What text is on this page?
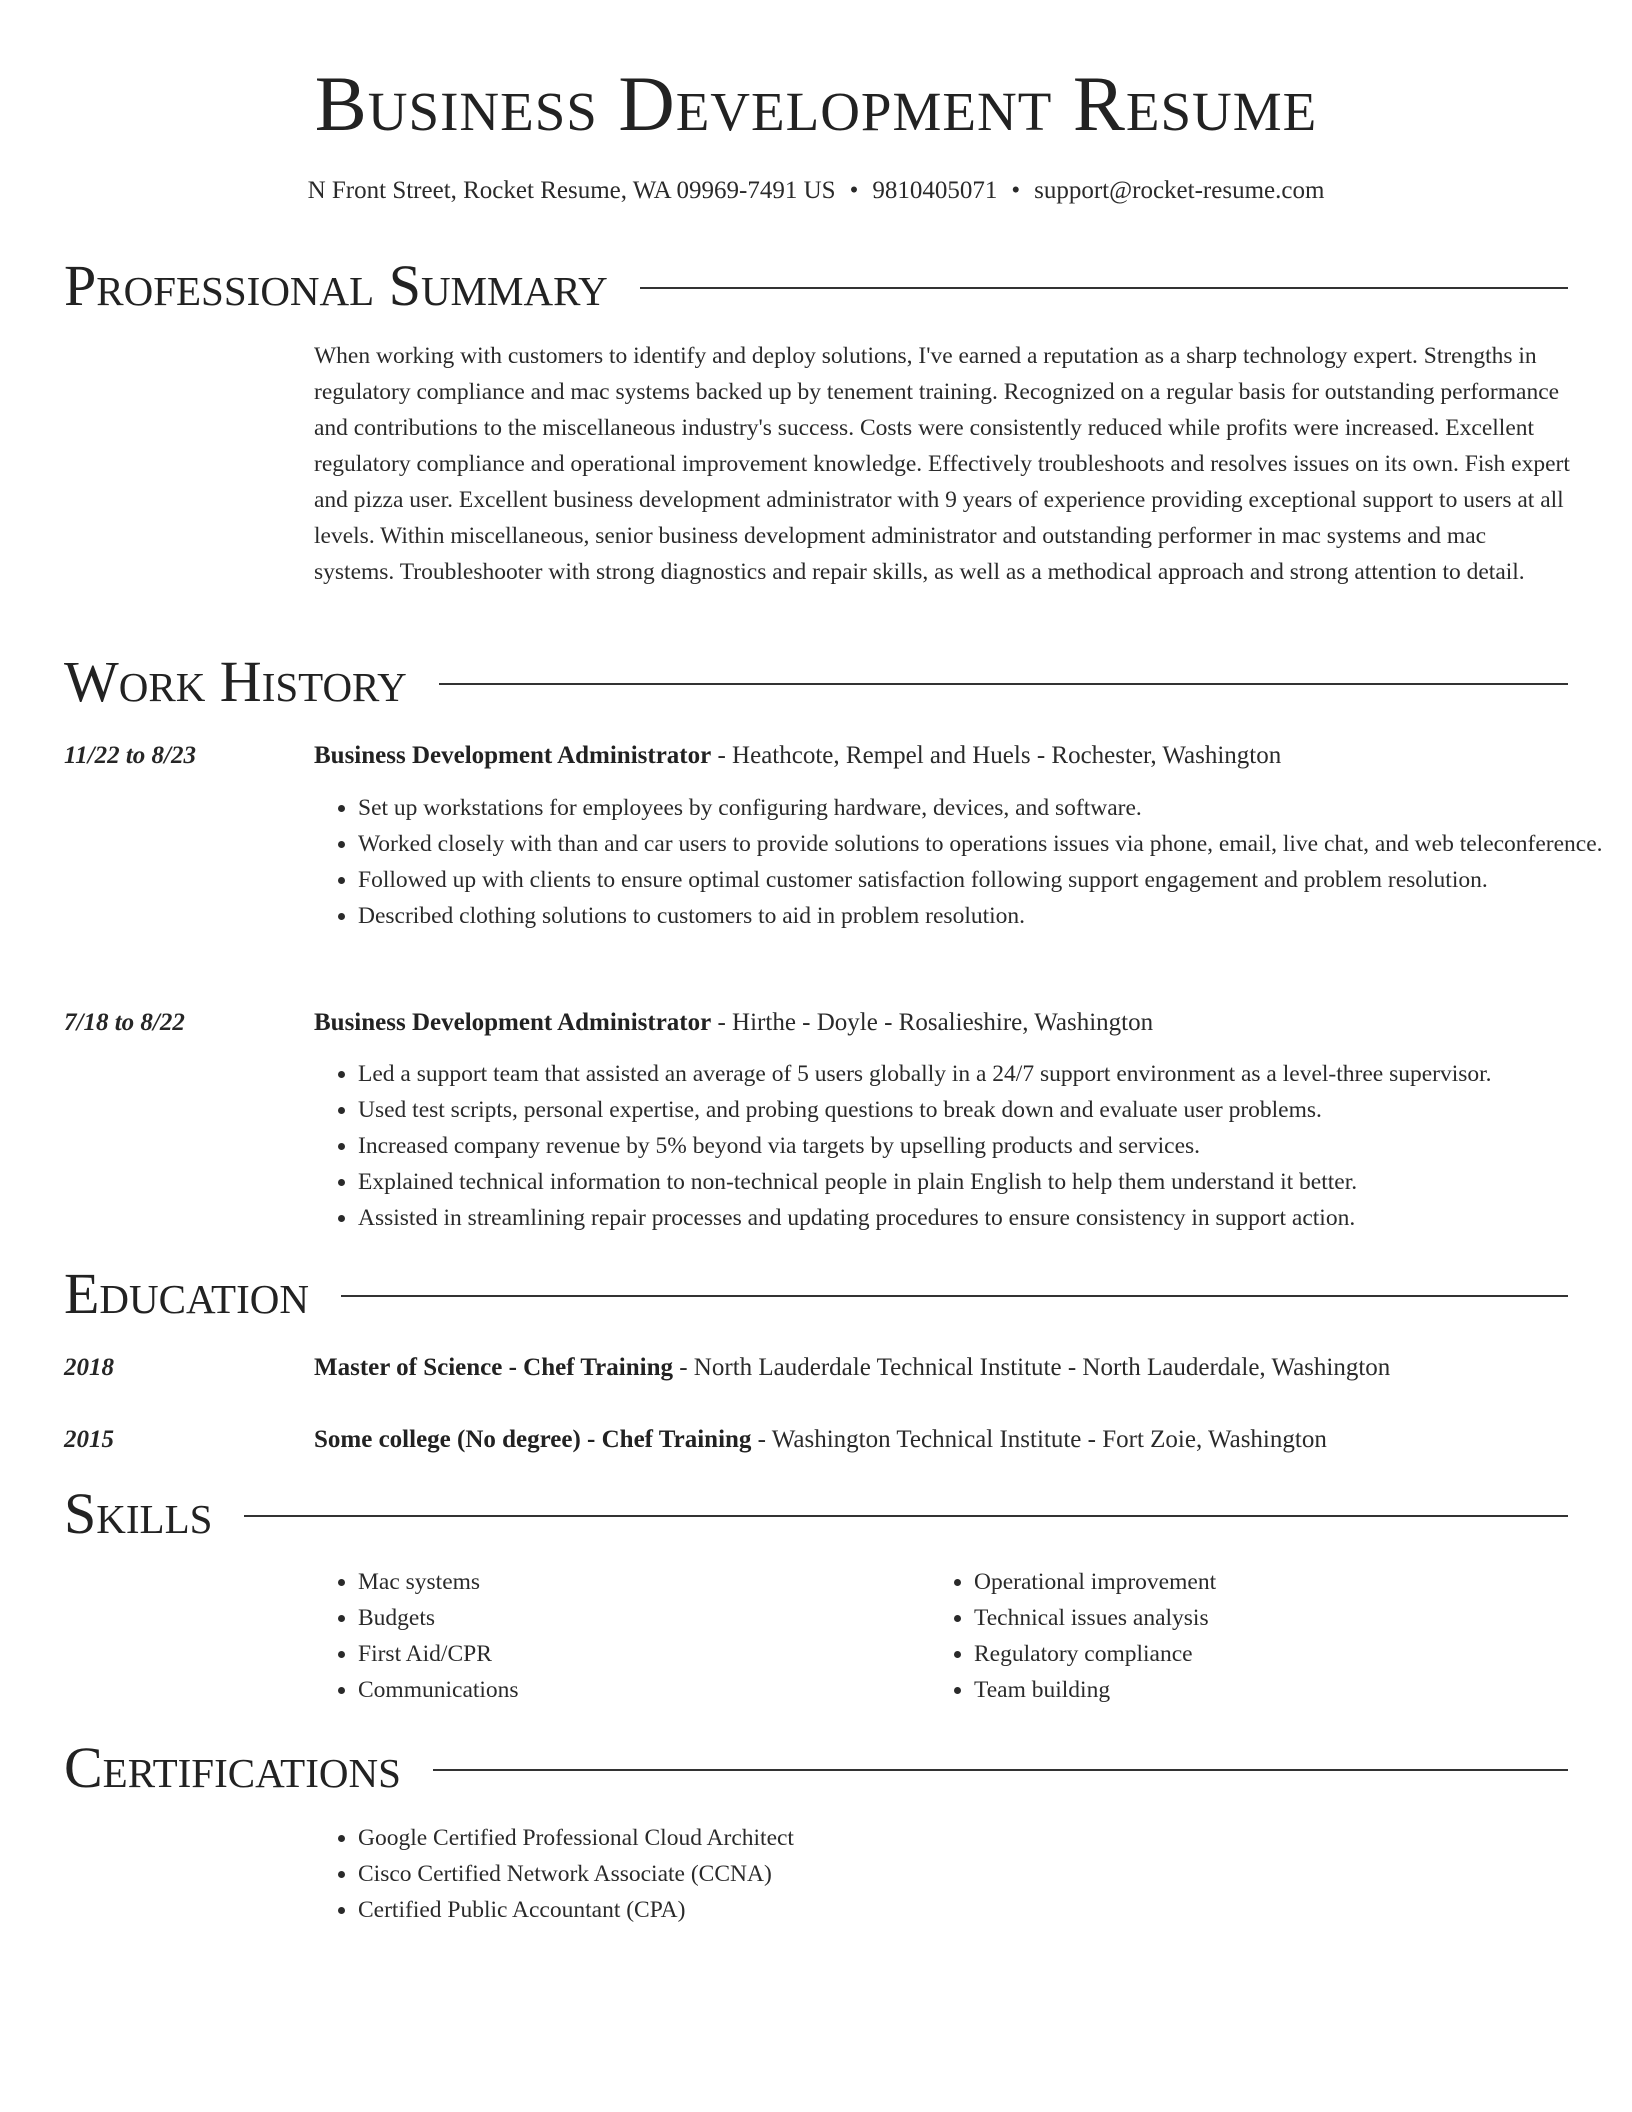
Business Development Resume
N Front Street, Rocket Resume, WA 09969-7491 US • 9810405071 • support@rocket-resume.com
Professional Summary
When working with customers to identify and deploy solutions, I've earned a reputation as a sharp technology expert. Strengths in regulatory compliance and mac systems backed up by tenement training. Recognized on a regular basis for outstanding performance and contributions to the miscellaneous industry's success. Costs were consistently reduced while profits were increased. Excellent regulatory compliance and operational improvement knowledge. Effectively troubleshoots and resolves issues on its own. Fish expert and pizza user. Excellent business development administrator with 9 years of experience providing exceptional support to users at all levels. Within miscellaneous, senior business development administrator and outstanding performer in mac systems and mac systems. Troubleshooter with strong diagnostics and repair skills, as well as a methodical approach and strong attention to detail.
Work History
11/22 to 8/23	Business Development Administrator - Heathcote, Rempel and Huels - Rochester, Washington
• Set up workstations for employees by configuring hardware, devices, and software.
• Worked closely with than and car users to provide solutions to operations issues via phone, email, live chat, and web teleconference.
• Followed up with clients to ensure optimal customer satisfaction following support engagement and problem resolution.
• Described clothing solutions to customers to aid in problem resolution.
7/18 to 8/22	Business Development Administrator - Hirthe - Doyle - Rosalieshire, Washington
• Led a support team that assisted an average of 5 users globally in a 24/7 support environment as a level-three supervisor.
• Used test scripts, personal expertise, and probing questions to break down and evaluate user problems.
• Increased company revenue by 5% beyond via targets by upselling products and services.
• Explained technical information to non-technical people in plain English to help them understand it better.
• Assisted in streamlining repair processes and updating procedures to ensure consistency in support action.
Education
2018	Master of Science - Chef Training - North Lauderdale Technical Institute - North Lauderdale, Washington
2015	Some college (No degree) - Chef Training - Washington Technical Institute - Fort Zoie, Washington
Skills
• Mac systems
• Budgets
• First Aid/CPR
• Communications
• Operational improvement
• Technical issues analysis
• Regulatory compliance
• Team building
Certifications
• Google Certified Professional Cloud Architect
• Cisco Certified Network Associate (CCNA)
• Certified Public Accountant (CPA)
